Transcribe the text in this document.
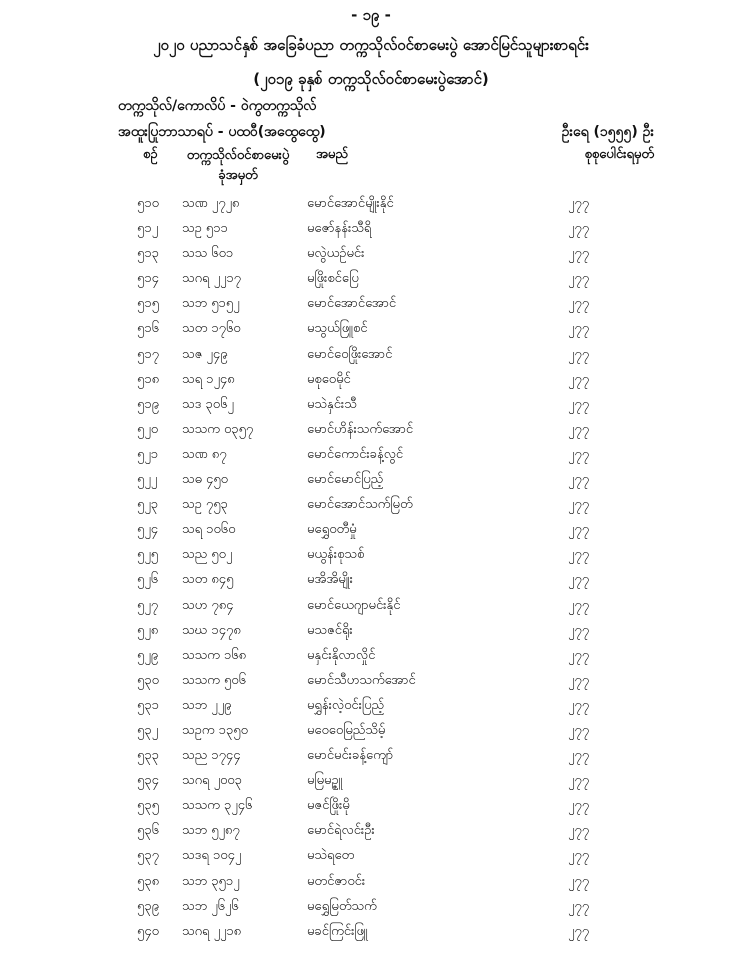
- ၁၉ -
၂၀၂၀ ပညာသင်နှစ် အခြေခံပညာ တက္ကသိုလ်ဝင်စာမေးပွဲ အောင်မြင်သူများစာရင်း
(၂၀၁၉ ခုနှစ် တက္ကသိုလ်ဝင်စာမေးပွဲအောင်)
တက္ကသိုလ်/ကောလိပ် - ဝဲကွတက္ကသိုလ်
အထူးပြုဘာသာရပ် - ပထဝီ(အထွေထွေ)	ဦးရေ (၁၅၅၅) ဦး
စဉ်	တက္ကသိုလ်ဝင်စာမေးပွဲ
ခုံအမှတ်
အမည်	စုစုပေါင်းရမှတ်
၅၁၀	သဏ ၂၇၂၈	မောင်အောင်မျိုးနိုင်	၂၇၇
၅၁၂	သဥ ၅၁၁	မဇော်နန်းသီရိ	၂၇၇
၅၁၃	သသ ၆၀၁	မလွဲယဉ်မင်း	၂၇၇
၅၁၄	သဂရ ၂၂၁၇	မဖြိုးစင်ပြေ	၂၇၇
၅၁၅	သဘ ၅၁၅၂	မောင်အောင်အောင်	၂၇၇
၅၁၆	သတ ၁၇၆၀	မသွယ်ဖြူစင်	၂၇၇
၅၁၇	သဇ ၂၄၉	မောင်ဝေဖြိုးအောင်	၂၇၇
၅၁၈	သရ ၁၂၄၈	မစုဝေမိုင်	၂၇၇
၅၁၉	သဒ ၃၀၆၂	မသဲနှင်းသီ	၂၇၇
၅၂၀	သသက ၀၃၅၇	မောင်ဟိန်းသက်အောင်	၂၇၇
၅၂၁	သဏ ၈၇	မောင်ကောင်းခန့်လွင်	၂၇၇
၅၂၂	သဓ ၄၅၀	မောင်မောင်ပြည့်	၂၇၇
၅၂၃	သဥ ၇၅၃	မောင်အောင်သက်မြတ်	၂၇၇
၅၂၄	သရ ၁၀၆၀	မရွှေဝတီမှုံ	၂၇၇
၅၂၅	သည ၅၀၂	မယွန်းစုသစ်	၂၇၇
၅၂၆	သတ ၈၄၅	မအိအိမျိုး	၂၇၇
၅၂၇	သဟ ၇၈၄	မောင်ယေဂျာမင်းနိုင်	၂၇၇
၅၂၈	သဃ ၁၄၇၈	မသဇင်ရိုး	၂၇၇
၅၂၉	သသက ၁၆၈	မနှင်းနိုလာလှိုင်	၂၇၇
၅၃၀	သသက ၅၀၆	မောင်သီဟသက်အောင်	၂၇၇
၅၃၁	သဘ ၂၂၉	မရွှန်းလဲ့ဝင်းပြည့်	၂၇၇
၅၃၂	သဥက ၁၃၅၀	မဝေဝေမြည်သိမ့်	၂၇၇
၅၃၃	သည ၁၇၄၄	မောင်မင်းခန့်ကျော်	၂၇၇
၅၃၄	သဂရ ၂၀၀၃	မမြမဥ္ဇူ	၂၇၇
၅၃၅	သသက ၃၂၄၆	မဇင်ဖြိုးမို	၂၇၇
၅၃၆	သဘ ၅၂၈၇	မောင်ရဲလင်းဦး	၂၇၇
၅၃၇	သဒရ ၁၀၄၂	မသဲရတေ	၂၇၇
၅၃၈	သဘ ၃၅၁၂	မတင်ဇာဝင်း	၂၇၇
၅၃၉	သဘ ၂၆၂၆	မရွှေမြတ်သက်	၂၇၇
၅၄၀	သဂရ ၂၂၁၈	မခင်ကြင်းဖြူ	၂၇၇
